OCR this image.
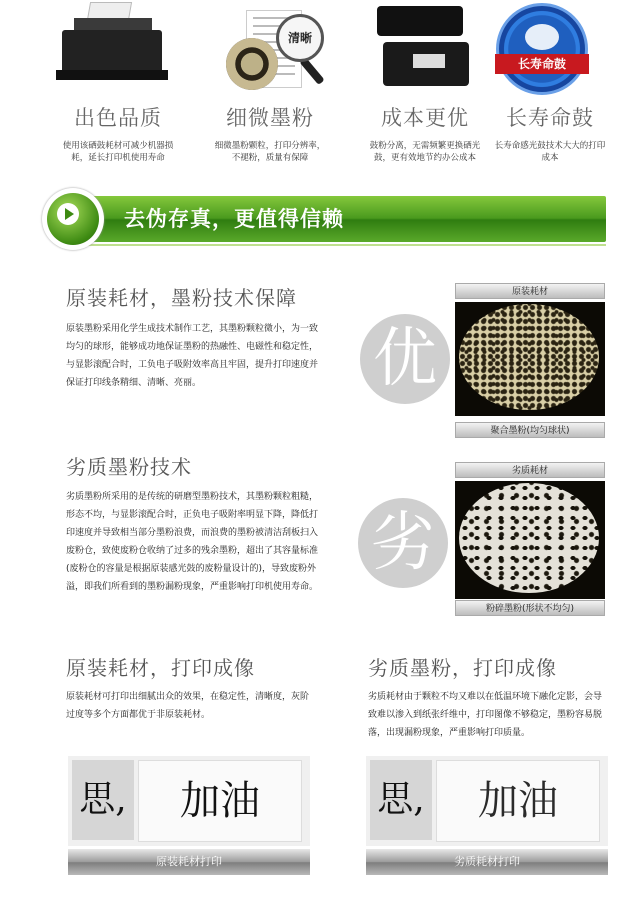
出色品质
使用该硒鼓耗材可减少机器损耗，延长打印机使用寿命
清晰
细微墨粉
细微墨粉颗粒，打印分辨率，不褪粉，质量有保障
成本更优
鼓粉分离，无需频繁更换硒光鼓，更有效地节约办公成本
长寿命鼓
长寿命鼓
长寿命感光鼓技术大大的打印成本
去伪存真，更值得信赖
原装耗材，墨粉技术保障
原装墨粉采用化学生成技术制作工艺，其墨粉颗粒微小，为一致均匀的球形，能够成功地保证墨粉的热融性、电磁性和稳定性，与显影滚配合时，工负电子吸附效率高且牢固，提升打印速度并保证打印线条精细、清晰、亮丽。	优
原装耗材
聚合墨粉(均匀球状)
劣质墨粉技术
劣质墨粉所采用的是传统的研磨型墨粉技术，其墨粉颗粒粗糙，形态不均，与显影滚配合时，正负电子吸附率明显下降，降低打印速度并导致相当部分墨粉浪费，而浪费的墨粉被清洁刮板扫入废粉仓，致使废粉仓收纳了过多的残余墨粉，超出了其容量标准(废粉仓的容量是根据原装感光鼓的废粉量设计的)，导致废粉外溢，即我们所看到的墨粉漏粉现象，严重影响打印机使用寿命。
劣
劣质耗材
粉碎墨粉(形状不均匀)
原装耗材，打印成像
原装耗材可打印出细腻出众的效果，在稳定性，清晰度，灰阶过度等多个方面都优于非原装耗材。
劣质墨粉，打印成像
劣质耗材由于颗粒不均又难以在低温环境下融化定影，会导致难以渗入到纸张纤维中，打印图像不够稳定，墨粉容易脱落，出现漏粉现象，严重影响打印质量。
思,	加油
原装耗材打印
思,	加油
劣质耗材打印
